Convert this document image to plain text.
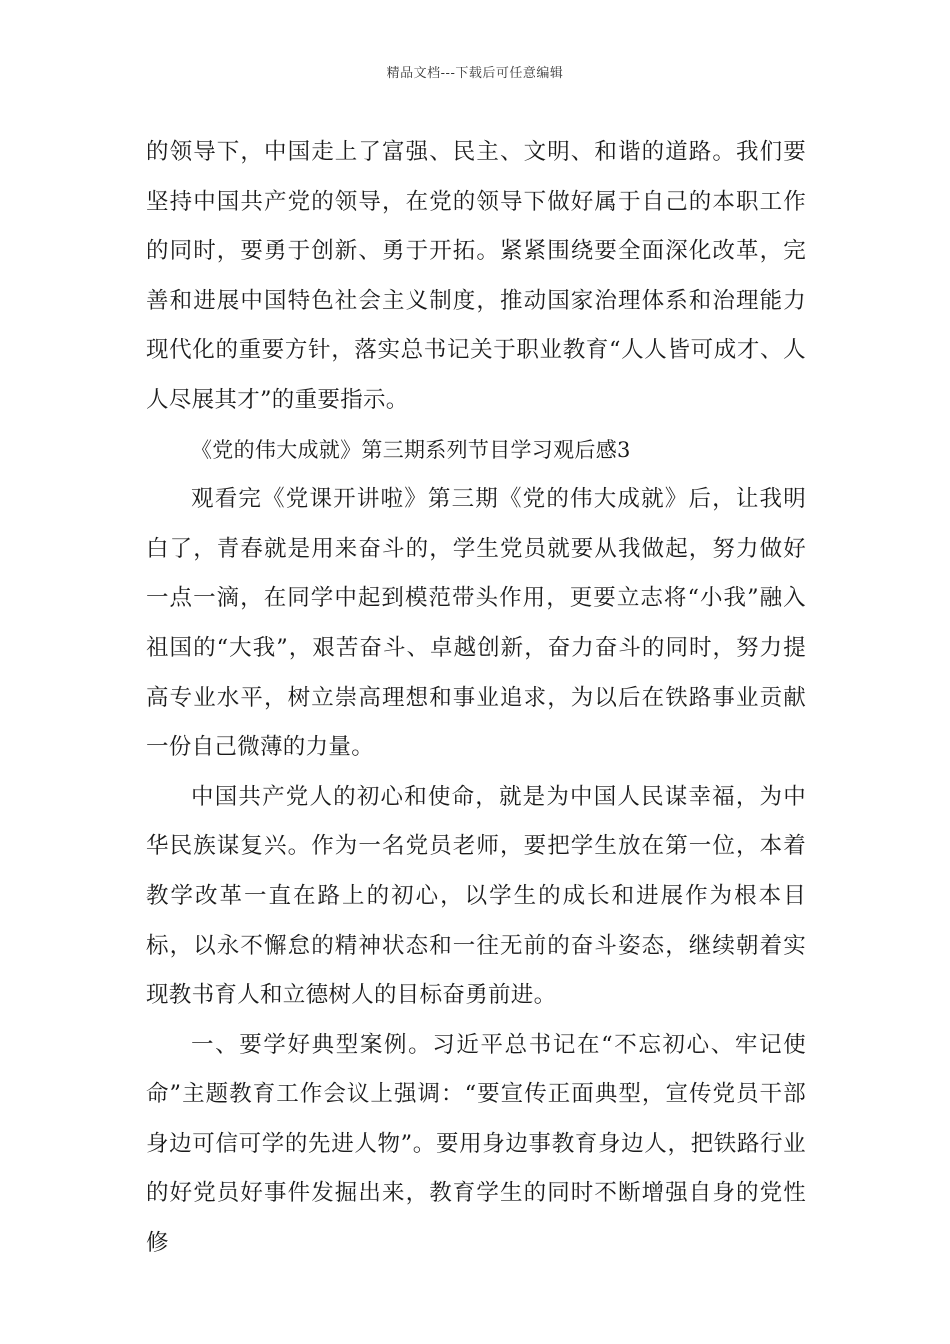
精品文档---下载后可任意编辑

的领导下，中国走上了富强、民主、文明、和谐的道路。我们要坚持中国共产党的领导，在党的领导下做好属于自己的本职工作的同时，要勇于创新、勇于开拓。紧紧围绕要全面深化改革，完善和进展中国特色社会主义制度，推动国家治理体系和治理能力现代化的重要方针，落实总书记关于职业教育“人人皆可成才、人人尽展其才”的重要指示。

《党的伟大成就》第三期系列节目学习观后感3

观看完《党课开讲啦》第三期《党的伟大成就》后，让我明白了，青春就是用来奋斗的，学生党员就要从我做起，努力做好一点一滴，在同学中起到模范带头作用，更要立志将“小我”融入祖国的“大我”，艰苦奋斗、卓越创新，奋力奋斗的同时，努力提高专业水平，树立崇高理想和事业追求，为以后在铁路事业贡献一份自己微薄的力量。

中国共产党人的初心和使命，就是为中国人民谋幸福，为中华民族谋复兴。作为一名党员老师，要把学生放在第一位，本着教学改革一直在路上的初心，以学生的成长和进展作为根本目标，以永不懈怠的精神状态和一往无前的奋斗姿态，继续朝着实现教书育人和立德树人的目标奋勇前进。

一、要学好典型案例。习近平总书记在“不忘初心、牢记使命”主题教育工作会议上强调：“要宣传正面典型，宣传党员干部身边可信可学的先进人物”。要用身边事教育身边人，把铁路行业的好党员好事件发掘出来，教育学生的同时不断增强自身的党性修
